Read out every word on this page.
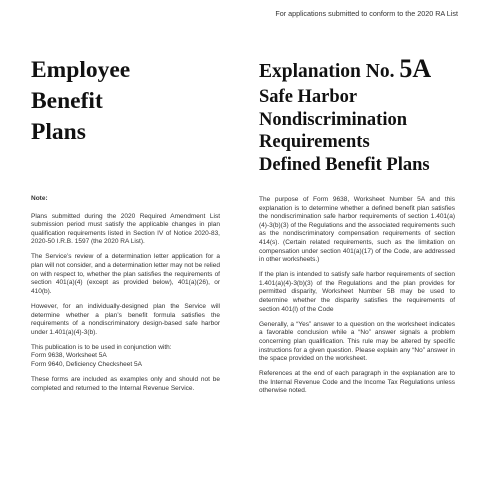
For applications submitted to conform to the 2020 RA List
Employee
Benefit
Plans
Explanation No. 5A
Safe Harbor
Nondiscrimination
Requirements
Defined Benefit Plans

Note:

Plans submitted during the 2020 Required Amendment List submission period must satisfy the applicable changes in plan qualification requirements listed in Section IV of Notice 2020-83, 2020-50 I.R.B. 1597 (the 2020 RA List).

The Service’s review of a determination letter application for a plan will not consider, and a determination letter may not be relied on with respect to, whether the plan satisfies the requirements of section 401(a)(4) (except as provided below), 401(a)(26), or 410(b).

However, for an individually-designed plan the Service will determine whether a plan’s benefit formula satisfies the requirements of a nondiscriminatory design-based safe harbor under 1.401(a)(4)-3(b).

This publication is to be used in conjunction with:

Form 9638, Worksheet 5A

Form 9640, Deficiency Checksheet 5A

These forms are included as examples only and should not be completed and returned to the Internal Revenue Service.

The purpose of Form 9638, Worksheet Number 5A and this explanation is to determine whether a defined benefit plan satisfies the nondiscrimination safe harbor requirements of section 1.401(a)(4)-3(b)(3) of the Regulations and the associated requirements such as the nondiscriminatory compensation requirements of section 414(s). (Certain related requirements, such as the limitation on compensation under section 401(a)(17) of the Code, are addressed in other worksheets.)

If the plan is intended to satisfy safe harbor requirements of section 1.401(a)(4)-3(b)(3) of the Regulations and the plan provides for permitted disparity, Worksheet Number 5B may be used to determine whether the disparity satisfies the requirements of section 401(l) of the Code

Generally, a “Yes” answer to a question on the worksheet indicates a favorable conclusion while a “No” answer signals a problem concerning plan qualification. This rule may be altered by specific instructions for a given question. Please explain any “No” answer in the space provided on the worksheet.

References at the end of each paragraph in the explanation are to the Internal Revenue Code and the Income Tax Regulations unless otherwise noted.
